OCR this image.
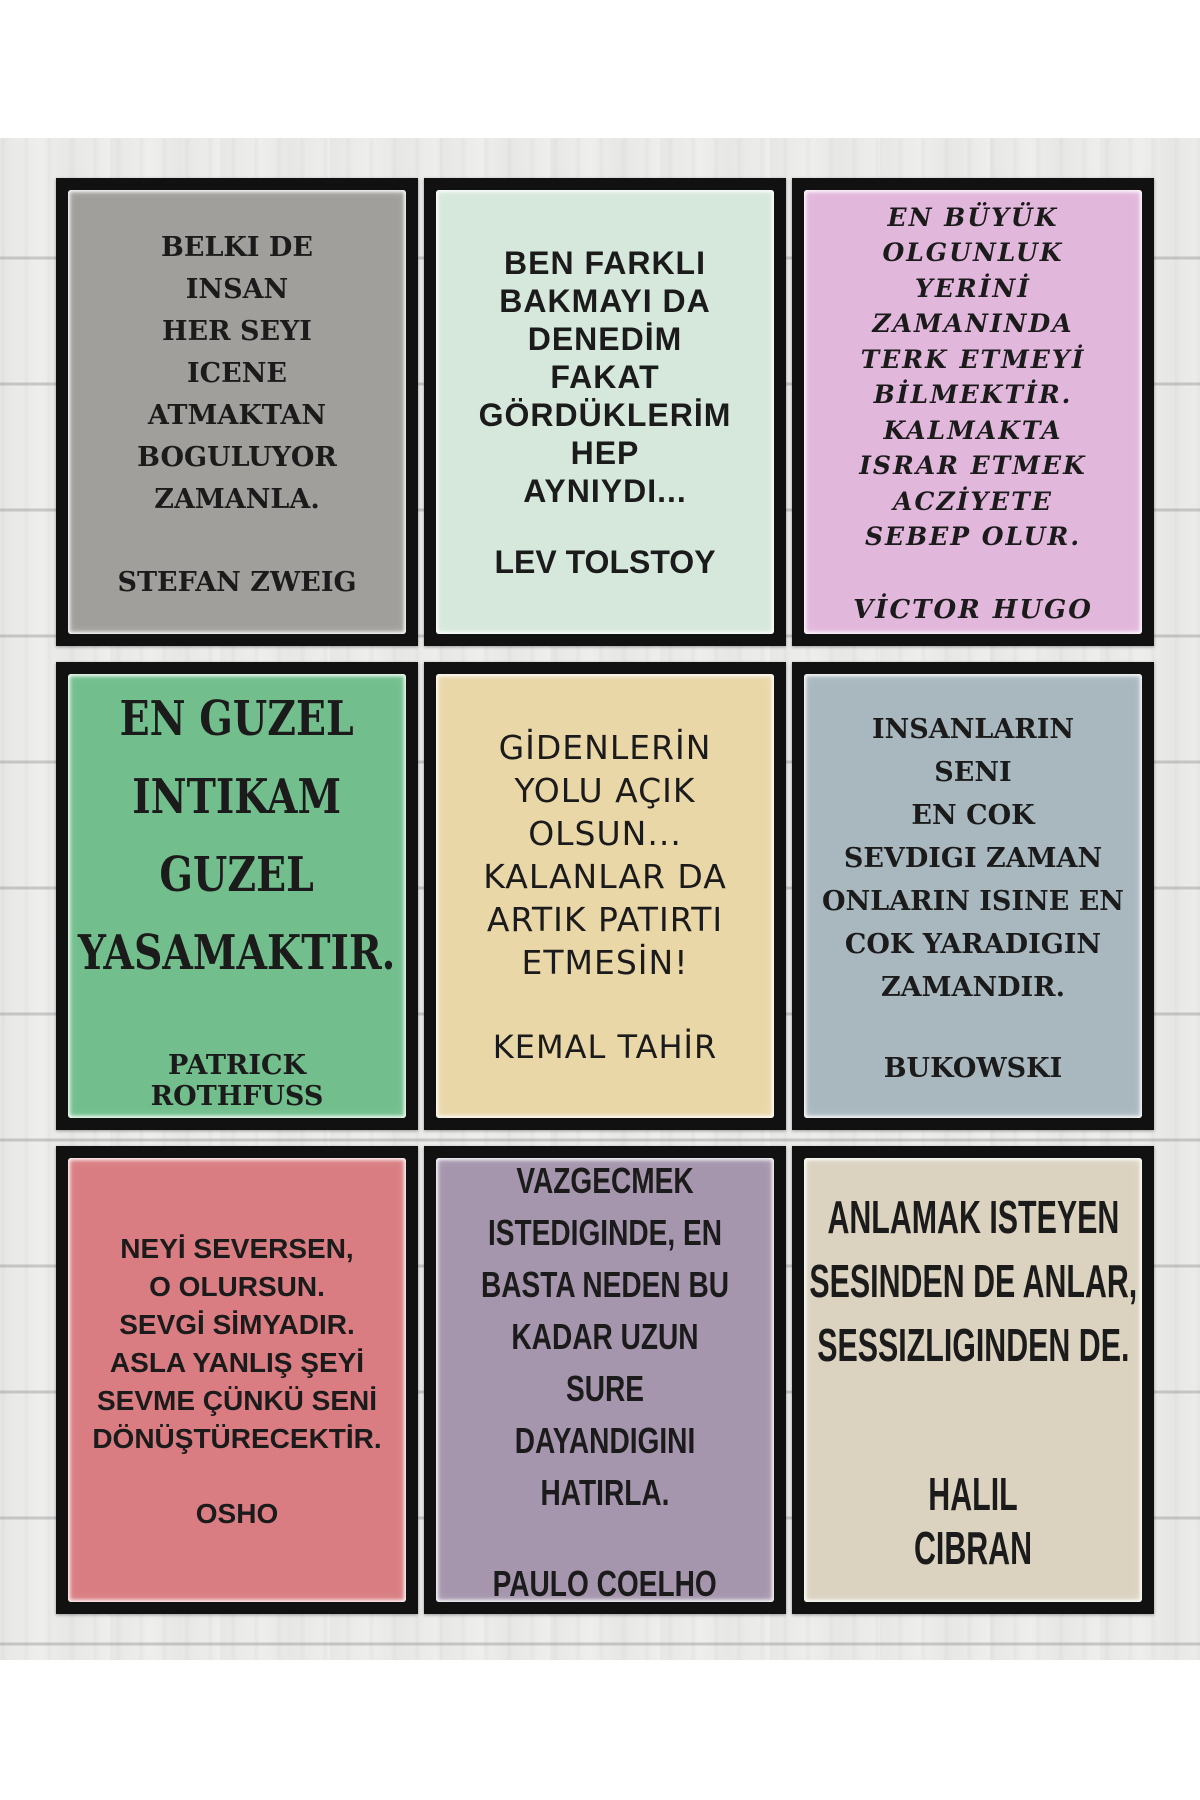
BELKI DE
INSAN
HER SEYI
ICENE
ATMAKTAN
BOGULUYOR
ZAMANLA.
STEFAN ZWEIG
BEN FARKLI
BAKMAYI DA
DENEDİM
FAKAT
GÖRDÜKLERİM
HEP
AYNIYDI...
LEV TOLSTOY
EN BÜYÜK
OLGUNLUK
YERİNİ
ZAMANINDA
TERK ETMEYİ
BİLMEKTİR.
KALMAKTA
ISRAR ETMEK
ACZİYETE
SEBEP OLUR.
VİCTOR HUGO
EN GUZEL
INTIKAM
GUZEL
YASAMAKTIR.
PATRICK ROTHFUSS
GİDENLERİN
YOLU AÇIK
OLSUN...
KALANLAR DA
ARTIK PATIRTI
ETMESİN!
KEMAL TAHİR
INSANLARIN
SENI
EN COK
SEVDIGI ZAMAN
ONLARIN ISINE EN
COK YARADIGIN
ZAMANDIR.
BUKOWSKI
NEYİ SEVERSEN,
O OLURSUN.
SEVGİ SİMYADIR.
ASLA YANLIŞ ŞEYİ
SEVME ÇÜNKÜ SENİ
DÖNÜŞTÜRECEKTİR.
OSHO
VAZGECMEK
ISTEDIGINDE, EN
BASTA NEDEN BU
KADAR UZUN SURE
DAYANDIGINI
HATIRLA.
PAULO COELHO
ANLAMAK ISTEYEN
SESINDEN DE ANLAR,
SESSIZLIGINDEN DE.
HALIL CIBRAN
